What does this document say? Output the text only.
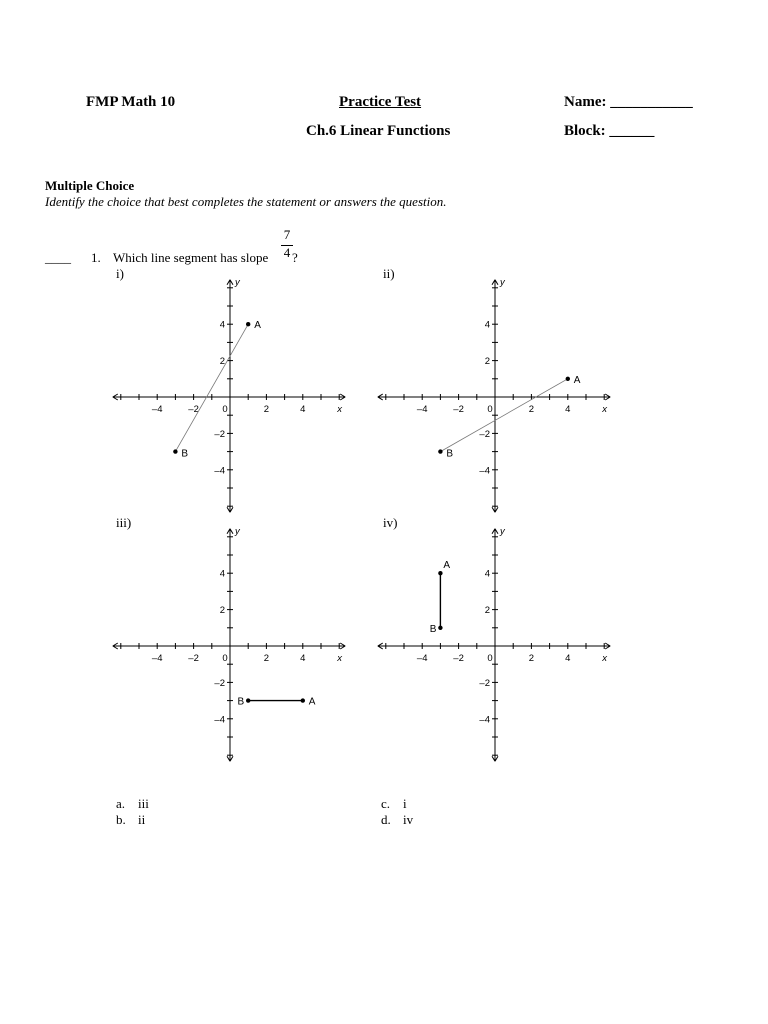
FMP Math 10	Practice Test
Ch.6 Linear Functions
Name: ___________
Block: ______
Multiple Choice
Identify the choice that best completes the statement or answers the question.
____ 1. Which line segment has slope
7
4 ?
i)	ii)
iii)	iv)
–4	–2 0	2	4
4
2
–2
–4
x
y
A
B
–4	–2 0	2	4
4
2
–2
–4
x
y
A
B
–4	–2 0	2	4
4
2
–2
–4
x
y
A
B
–4	–2 0	2	4
4
2
–2
–4
x
y
A
B
a. iii
b. ii
c. i
d. iv
